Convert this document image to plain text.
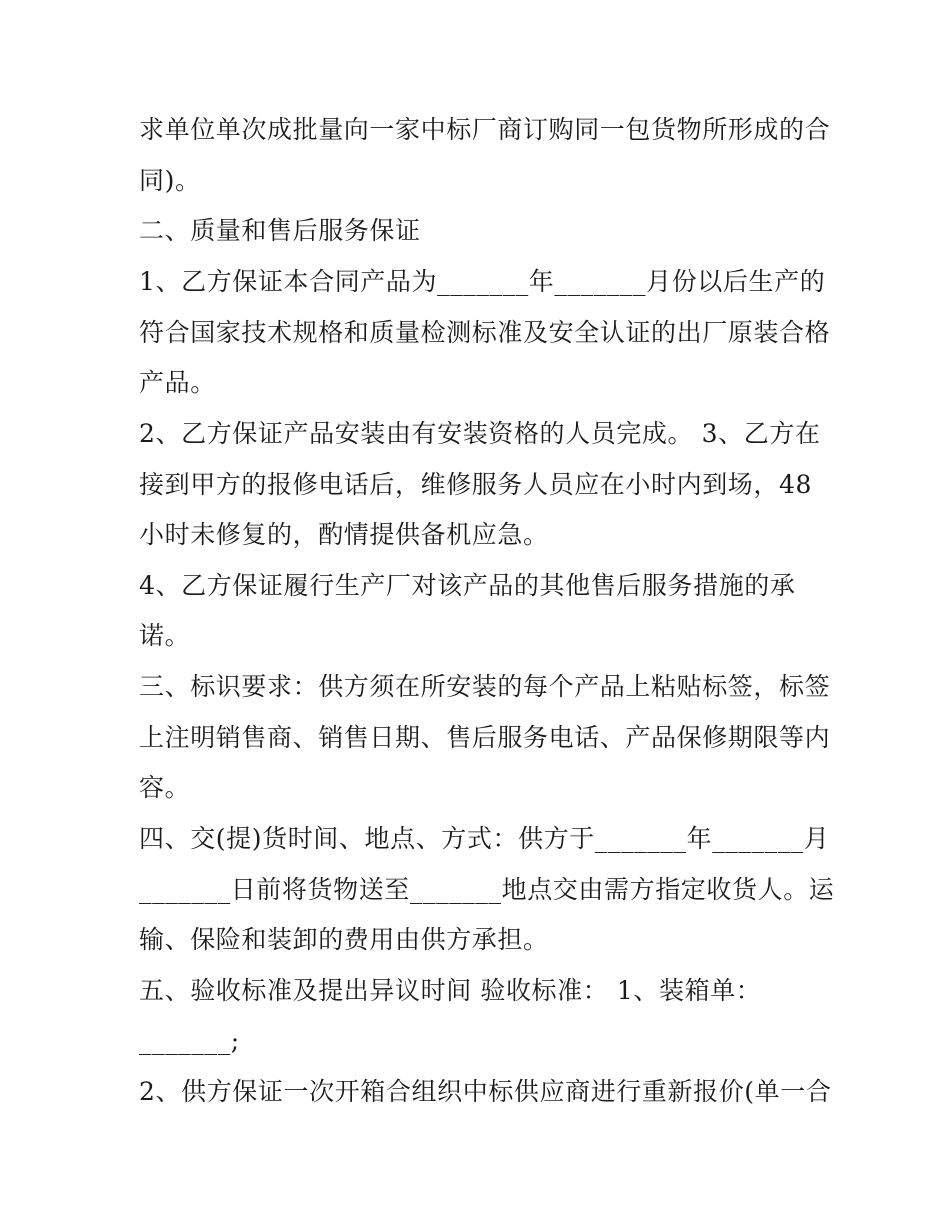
求单位单次成批量向一家中标厂商订购同一包货物所形成的合
同)。
二、质量和售后服务保证
1、乙方保证本合同产品为_______年_______月份以后生产的
符合国家技术规格和质量检测标准及安全认证的出厂原装合格
产品。
2、乙方保证产品安装由有安装资格的人员完成。 3、乙方在
接到甲方的报修电话后，维修服务人员应在小时内到场，48
小时未修复的，酌情提供备机应急。
4、乙方保证履行生产厂对该产品的其他售后服务措施的承
诺。
三、标识要求：供方须在所安装的每个产品上粘贴标签，标签
上注明销售商、销售日期、售后服务电话、产品保修期限等内
容。
四、交(提)货时间、地点、方式：供方于_______年_______月
_______日前将货物送至_______地点交由需方指定收货人。运
输、保险和装卸的费用由供方承担。
五、验收标准及提出异议时间 验收标准： 1、装箱单：
_______;
2、供方保证一次开箱合组织中标供应商进行重新报价(单一合
